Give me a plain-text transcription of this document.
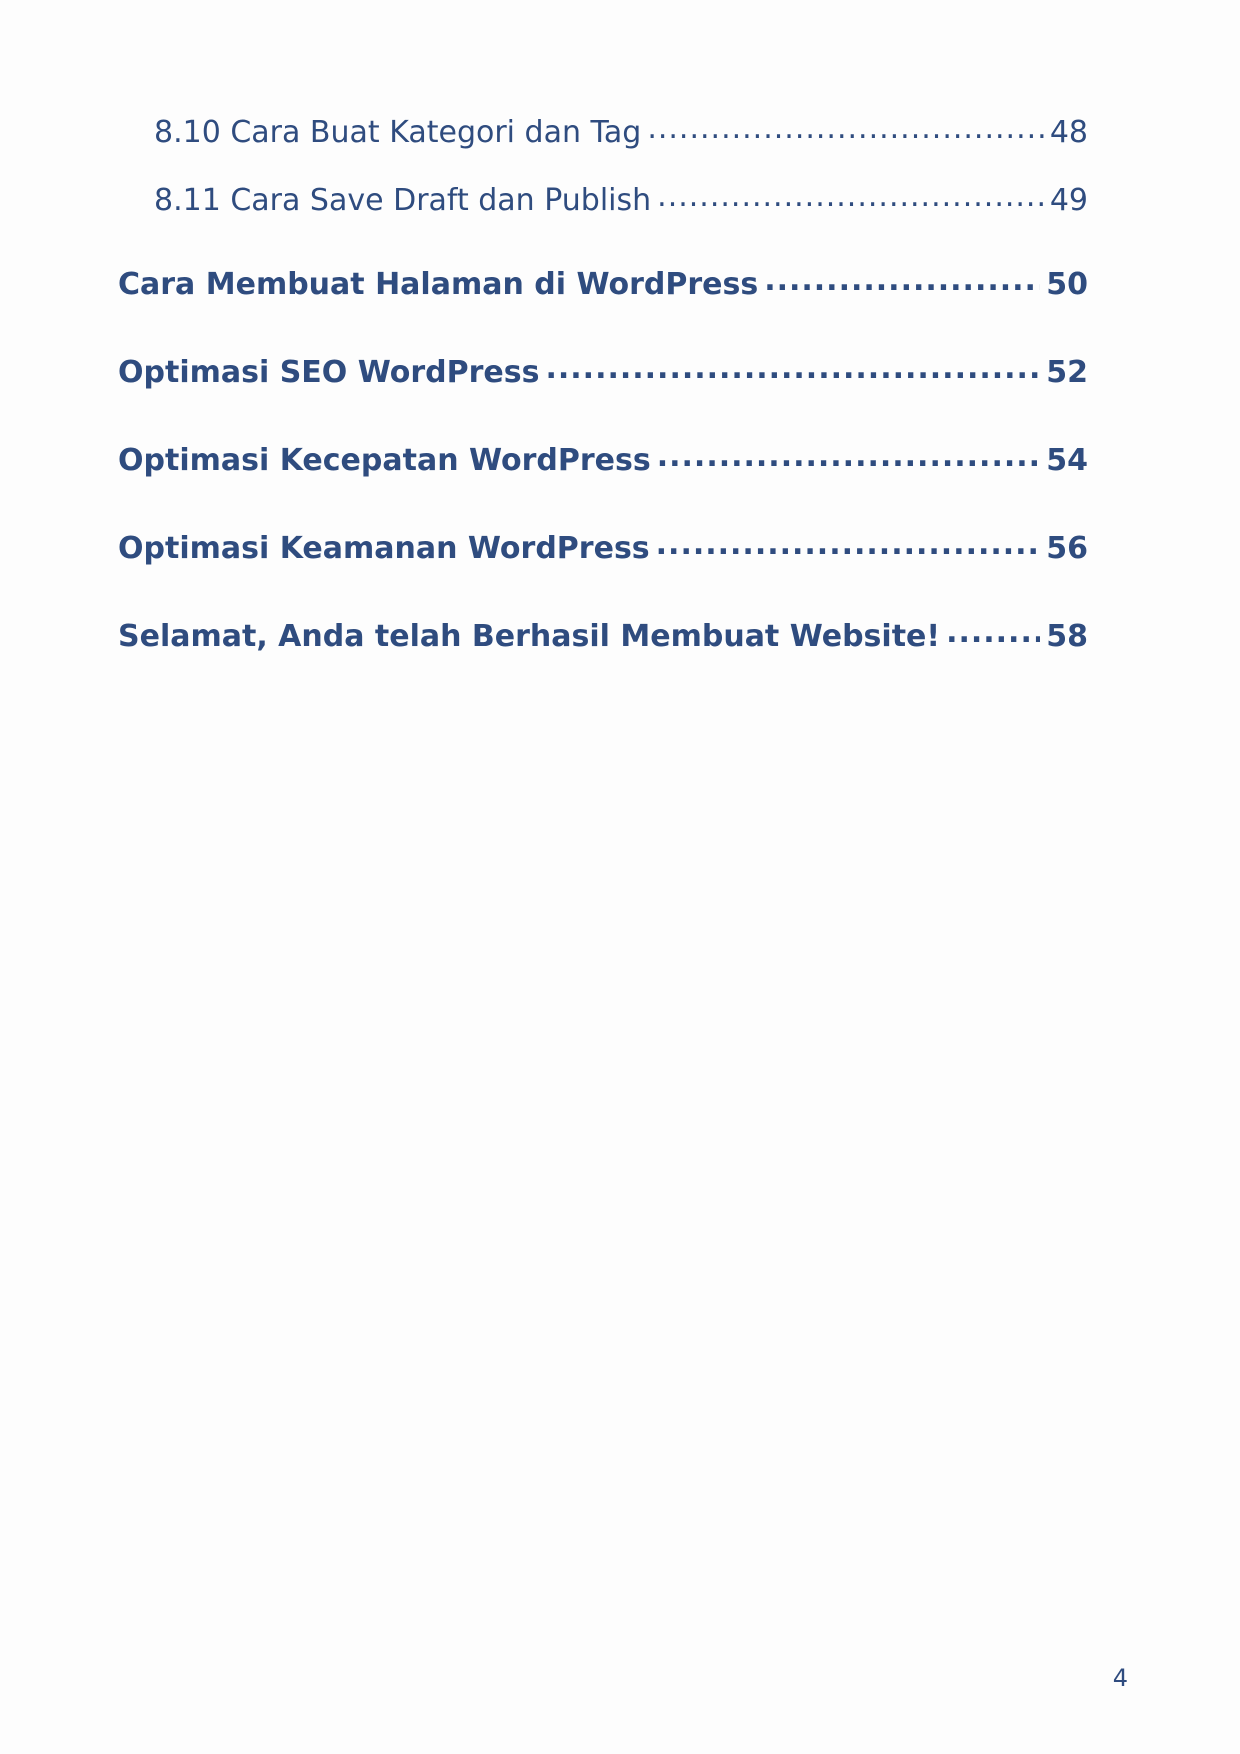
8.10 Cara Buat Kategori dan Tag .....	48
8.11 Cara Save Draft dan Publish .....	49
Cara Membuat Halaman di WordPress .....	50
Optimasi SEO WordPress .....	52
Optimasi Kecepatan WordPress .....	54
Optimasi Keamanan WordPress .....	56
Selamat, Anda telah Berhasil Membuat Website! .....	58
4
